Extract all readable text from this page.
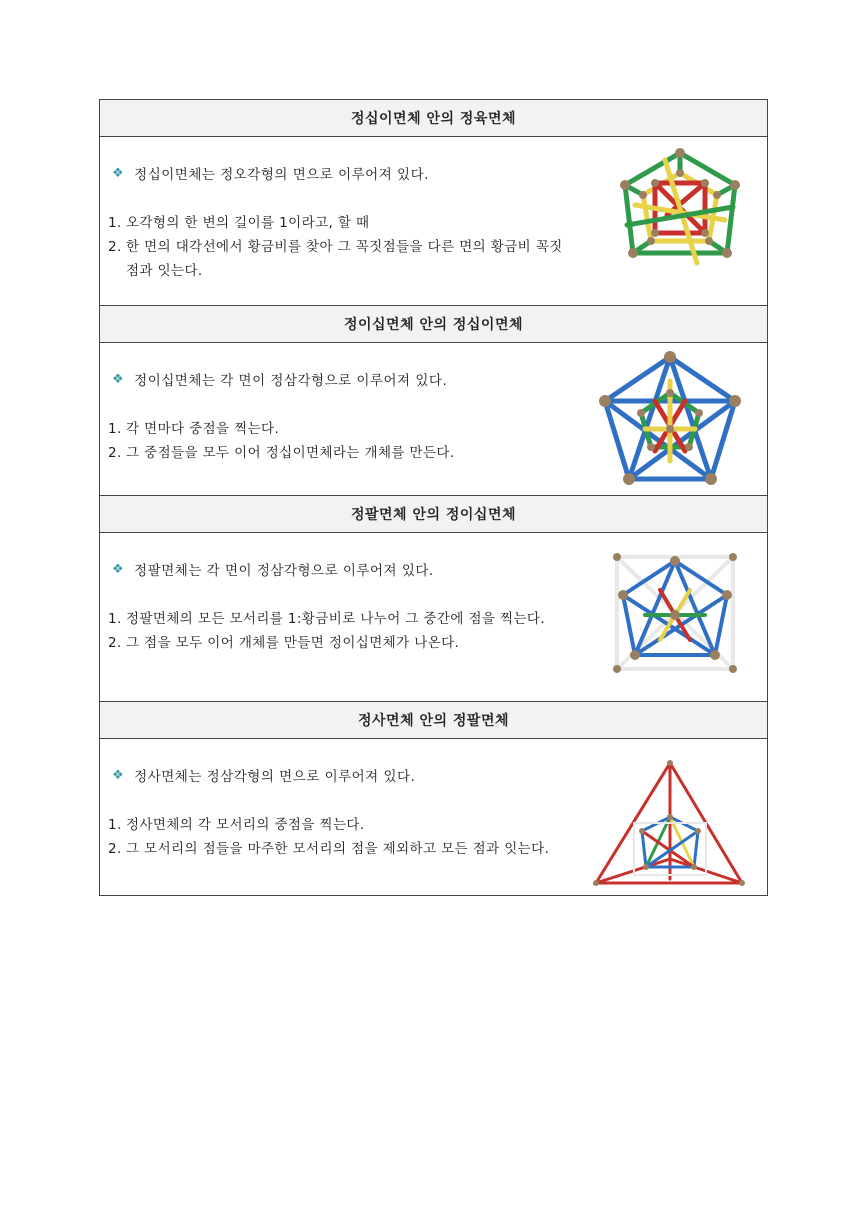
정십이면체 안의 정육면체
❖ 정십이면체는 정오각형의 면으로 이루어져 있다.
1. 오각형의 한 변의 길이를 1이라고, 할 때
2. 한 면의 대각선에서 황금비를 찾아 그 꼭짓점들을 다른 면의 황금비 꼭짓점과 잇는다.
정이십면체 안의 정십이면체
❖ 정이십면체는 각 면이 정삼각형으로 이루어져 있다.
1. 각 면마다 중점을 찍는다.
2. 그 중점들을 모두 이어 정십이면체라는 개체를 만든다.
정팔면체 안의 정이십면체
❖ 정팔면체는 각 면이 정삼각형으로 이루어져 있다.
1. 정팔면체의 모든 모서리를 1:황금비로 나누어 그 중간에 점을 찍는다.
2. 그 점을 모두 이어 개체를 만들면 정이십면체가 나온다.
정사면체 안의 정팔면체
❖ 정사면체는 정삼각형의 면으로 이루어져 있다.
1. 정사면체의 각 모서리의 중점을 찍는다.
2. 그 모서리의 점들을 마주한 모서리의 점을 제외하고 모든 점과 잇는다.
